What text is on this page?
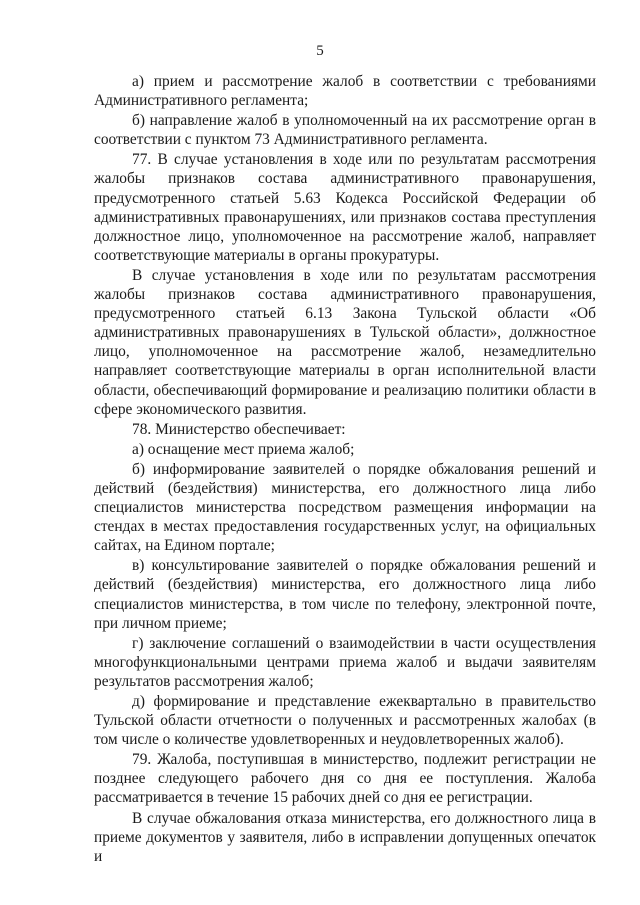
5

а) прием и рассмотрение жалоб в соответствии с требованиями Административного регламента;

б) направление жалоб в уполномоченный на их рассмотрение орган в соответствии с пунктом 73 Административного регламента.

77. В случае установления в ходе или по результатам рассмотрения жалобы признаков состава административного правонарушения, предусмотренного статьей 5.63 Кодекса Российской Федерации об административных правонарушениях, или признаков состава преступления должностное лицо, уполномоченное на рассмотрение жалоб, направляет соответствующие материалы в органы прокуратуры.

В случае установления в ходе или по результатам рассмотрения жалобы признаков состава административного правонарушения, предусмотренного статьей 6.13 Закона Тульской области «Об административных правонарушениях в Тульской области», должностное лицо, уполномоченное на рассмотрение жалоб, незамедлительно направляет соответствующие материалы в орган исполнительной власти области, обеспечивающий формирование и реализацию политики области в сфере экономического развития.

78. Министерство обеспечивает:

а) оснащение мест приема жалоб;

б) информирование заявителей о порядке обжалования решений и действий (бездействия) министерства, его должностного лица либо специалистов министерства посредством размещения информации на стендах в местах предоставления государственных услуг, на официальных сайтах, на Едином портале;

в) консультирование заявителей о порядке обжалования решений и действий (бездействия) министерства, его должностного лица либо специалистов министерства, в том числе по телефону, электронной почте, при личном приеме;

г) заключение соглашений о взаимодействии в части осуществления многофункциональными центрами приема жалоб и выдачи заявителям результатов рассмотрения жалоб;

д) формирование и представление ежеквартально в правительство Тульской области отчетности о полученных и рассмотренных жалобах (в том числе о количестве удовлетворенных и неудовлетворенных жалоб).

79. Жалоба, поступившая в министерство, подлежит регистрации не позднее следующего рабочего дня со дня ее поступления. Жалоба рассматривается в течение 15 рабочих дней со дня ее регистрации.

В случае обжалования отказа министерства, его должностного лица в приеме документов у заявителя, либо в исправлении допущенных опечаток и
